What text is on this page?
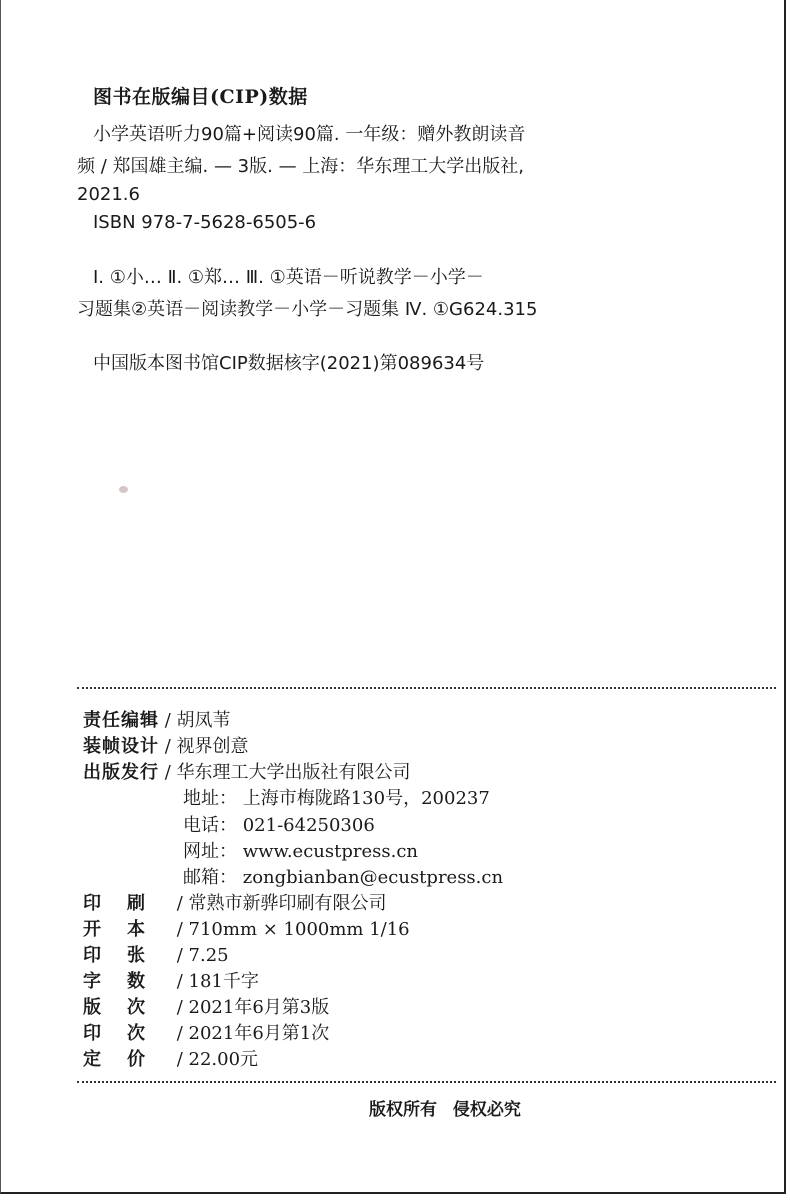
图书在版编目(CIP)数据
小学英语听力90篇+阅读90篇. 一年级：赠外教朗读音
频 / 郑国雄主编. — 3版. — 上海：华东理工大学出版社,
2021.6
ISBN 978-7-5628-6505-6
Ⅰ. ①小… Ⅱ. ①郑… Ⅲ. ①英语－听说教学－小学－
习题集②英语－阅读教学－小学－习题集 Ⅳ. ①G624.315
中国版本图书馆CIP数据核字(2021)第089634号
责任编辑 / 胡凤苇
装帧设计 / 视界创意
出版发行 / 华东理工大学出版社有限公司
地址： 上海市梅陇路130号，200237
电话： 021-64250306
网址： www.ecustpress.cn
邮箱： zongbianban@ecustpress.cn
印 刷 / 常熟市新骅印刷有限公司
开 本 / 710mm × 1000mm 1/16
印 张 / 7.25
字 数 / 181千字
版 次 / 2021年6月第3版
印 次 / 2021年6月第1次
定 价 / 22.00元
版权所有 侵权必究
